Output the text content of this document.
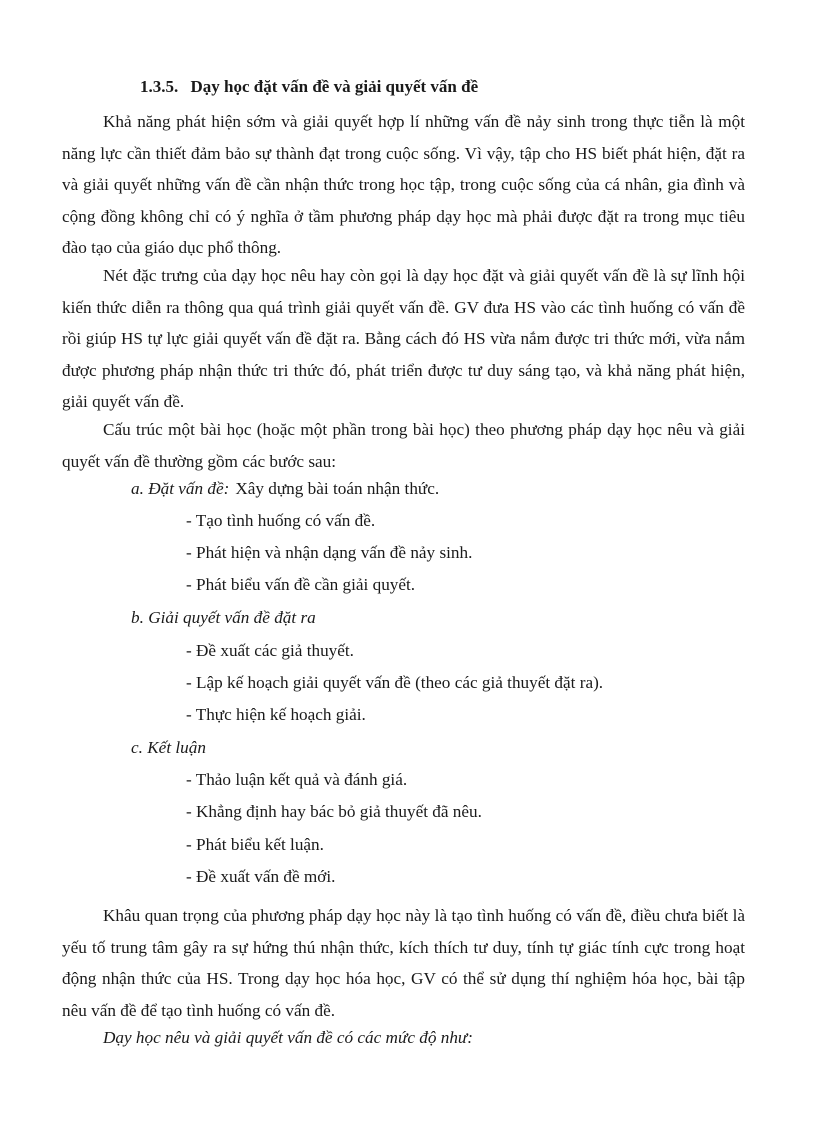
1.3.5. Dạy học đặt vấn đề và giải quyết vấn đề

Khả năng phát hiện sớm và giải quyết hợp lí những vấn đề nảy sinh trong thực tiễn là một năng lực cần thiết đảm bảo sự thành đạt trong cuộc sống. Vì vậy, tập cho HS biết phát hiện, đặt ra và giải quyết những vấn đề cần nhận thức trong học tập, trong cuộc sống của cá nhân, gia đình và cộng đồng không chỉ có ý nghĩa ở tầm phương pháp dạy học mà phải được đặt ra trong mục tiêu đào tạo của giáo dục phổ thông.

Nét đặc trưng của dạy học nêu hay còn gọi là dạy học đặt và giải quyết vấn đề là sự lĩnh hội kiến thức diễn ra thông qua quá trình giải quyết vấn đề. GV đưa HS vào các tình huống có vấn đề rồi giúp HS tự lực giải quyết vấn đề đặt ra. Bằng cách đó HS vừa nắm được tri thức mới, vừa nắm được phương pháp nhận thức tri thức đó, phát triển được tư duy sáng tạo, và khả năng phát hiện, giải quyết vấn đề.

Cấu trúc một bài học (hoặc một phần trong bài học) theo phương pháp dạy học nêu và giải quyết vấn đề thường gồm các bước sau:

a. Đặt vấn đề: Xây dựng bài toán nhận thức.
- Tạo tình huống có vấn đề.
- Phát hiện và nhận dạng vấn đề nảy sinh.
- Phát biểu vấn đề cần giải quyết.
b. Giải quyết vấn đề đặt ra
- Đề xuất các giả thuyết.
- Lập kế hoạch giải quyết vấn đề (theo các giả thuyết đặt ra).
- Thực hiện kế hoạch giải.
c. Kết luận
- Thảo luận kết quả và đánh giá.
- Khẳng định hay bác bỏ giả thuyết đã nêu.
- Phát biểu kết luận.
- Đề xuất vấn đề mới.

Khâu quan trọng của phương pháp dạy học này là tạo tình huống có vấn đề, điều chưa biết là yếu tố trung tâm gây ra sự hứng thú nhận thức, kích thích tư duy, tính tự giác tính cực trong hoạt động nhận thức của HS. Trong dạy học hóa học, GV có thể sử dụng thí nghiệm hóa học, bài tập nêu vấn đề để tạo tình huống có vấn đề.

Dạy học nêu và giải quyết vấn đề có các mức độ như:
